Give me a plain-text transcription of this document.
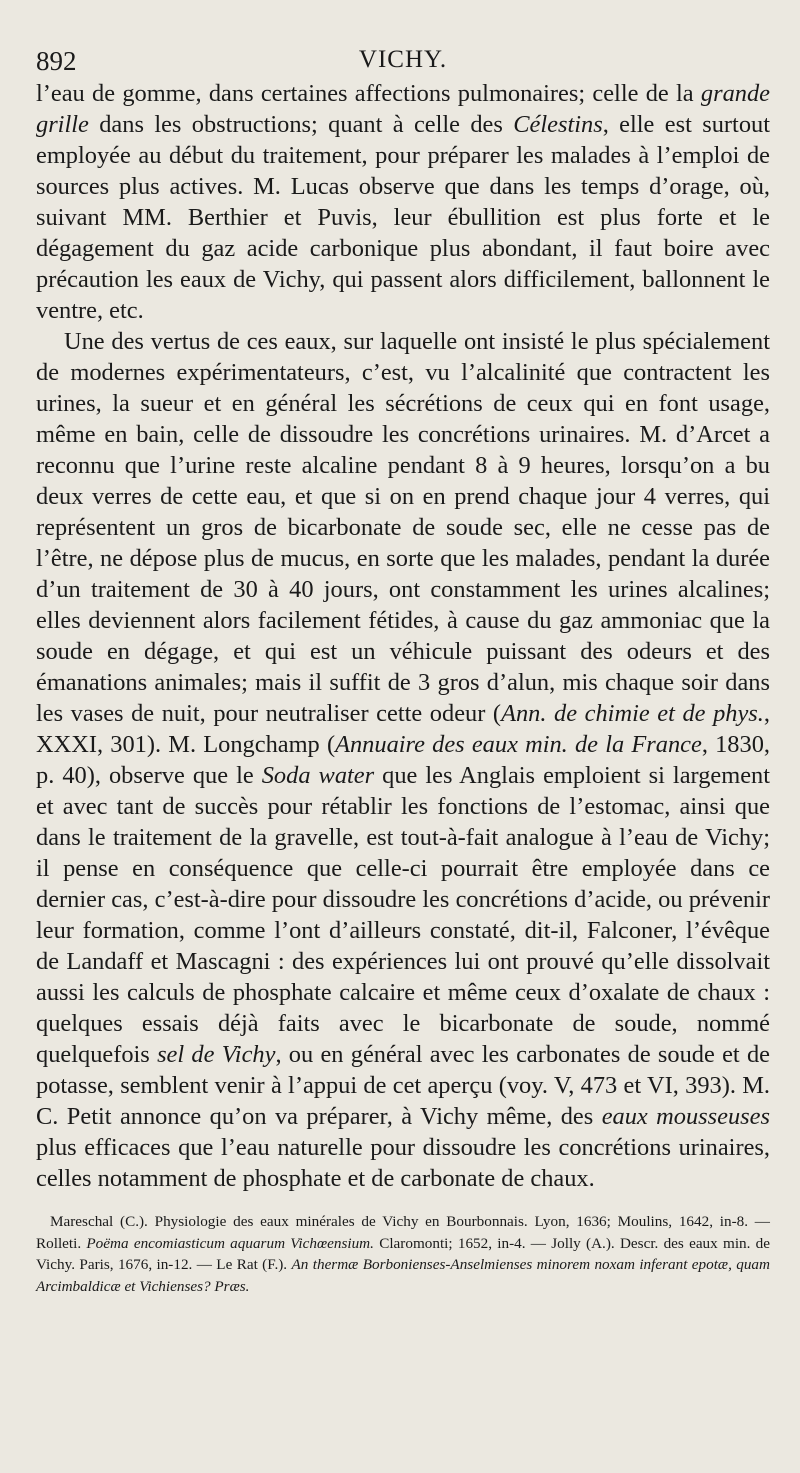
892	VICHY.

l’eau de gomme, dans certaines affections pulmonaires; celle de la grande grille dans les obstructions; quant à celle des Célestins, elle est surtout employée au début du traitement, pour préparer les malades à l’emploi de sources plus actives. M. Lucas observe que dans les temps d’orage, où, suivant MM. Berthier et Puvis, leur ébullition est plus forte et le dégagement du gaz acide carbonique plus abondant, il faut boire avec précaution les eaux de Vichy, qui passent alors difficilement, ballonnent le ventre, etc.

Une des vertus de ces eaux, sur laquelle ont insisté le plus spécialement de modernes expérimentateurs, c’est, vu l’alcalinité que contractent les urines, la sueur et en général les sécrétions de ceux qui en font usage, même en bain, celle de dissoudre les concrétions urinaires. M. d’Arcet a reconnu que l’urine reste alcaline pendant 8 à 9 heures, lorsqu’on a bu deux verres de cette eau, et que si on en prend chaque jour 4 verres, qui représentent un gros de bicarbonate de soude sec, elle ne cesse pas de l’être, ne dépose plus de mucus, en sorte que les malades, pendant la durée d’un traitement de 30 à 40 jours, ont constamment les urines alcalines; elles deviennent alors facilement fétides, à cause du gaz ammoniac que la soude en dégage, et qui est un véhicule puissant des odeurs et des émanations animales; mais il suffit de 3 gros d’alun, mis chaque soir dans les vases de nuit, pour neutraliser cette odeur (Ann. de chimie et de phys., XXXI, 301). M. Longchamp (Annuaire des eaux min. de la France, 1830, p. 40), observe que le Soda water que les Anglais emploient si largement et avec tant de succès pour rétablir les fonctions de l’estomac, ainsi que dans le traitement de la gravelle, est tout-à-fait analogue à l’eau de Vichy; il pense en conséquence que celle-ci pourrait être employée dans ce dernier cas, c’est-à-dire pour dissoudre les concrétions d’acide, ou prévenir leur formation, comme l’ont d’ailleurs constaté, dit-il, Falconer, l’évêque de Landaff et Mascagni : des expériences lui ont prouvé qu’elle dissolvait aussi les calculs de phosphate calcaire et même ceux d’oxalate de chaux : quelques essais déjà faits avec le bicarbonate de soude, nommé quelquefois sel de Vichy, ou en général avec les carbonates de soude et de potasse, semblent venir à l’appui de cet aperçu (voy. V, 473 et VI, 393). M. C. Petit annonce qu’on va préparer, à Vichy même, des eaux mousseuses plus efficaces que l’eau naturelle pour dissoudre les concrétions urinaires, celles notamment de phosphate et de carbonate de chaux.

Mareschal (C.). Physiologie des eaux minérales de Vichy en Bourbonnais. Lyon, 1636; Moulins, 1642, in-8. — Rolleti. Poëma encomiasticum aquarum Vichœensium. Claromonti; 1652, in-4. — Jolly (A.). Descr. des eaux min. de Vichy. Paris, 1676, in-12. — Le Rat (F.). An thermæ Borbonienses-Anselmienses minorem noxam inferant epotæ, quam Arcimbaldicæ et Vichienses? Præs.
